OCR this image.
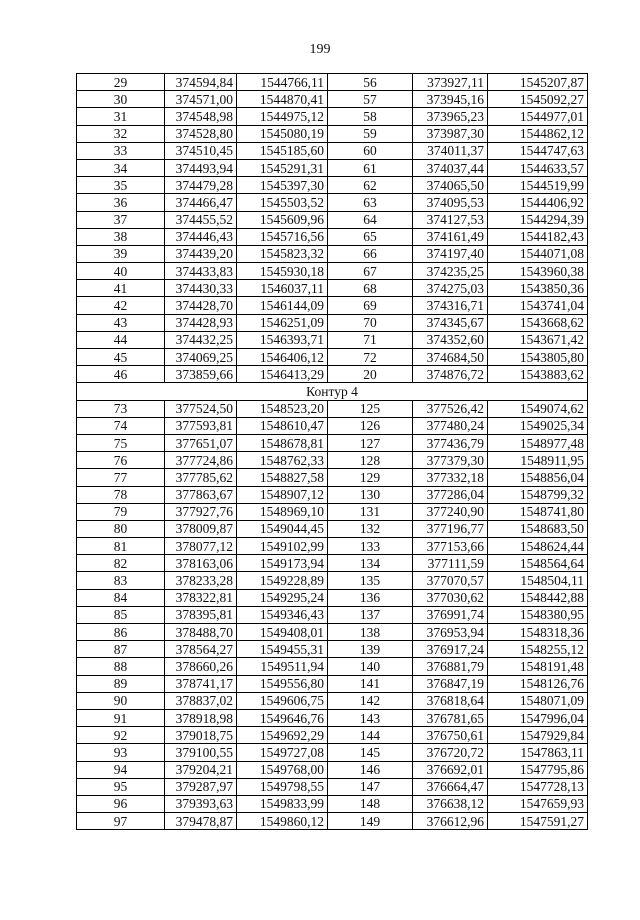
199
29	374594,84	1544766,11	56	373927,11	1545207,87
30	374571,00	1544870,41	57	373945,16	1545092,27
31	374548,98	1544975,12	58	373965,23	1544977,01
32	374528,80	1545080,19	59	373987,30	1544862,12
33	374510,45	1545185,60	60	374011,37	1544747,63
34	374493,94	1545291,31	61	374037,44	1544633,57
35	374479,28	1545397,30	62	374065,50	1544519,99
36	374466,47	1545503,52	63	374095,53	1544406,92
37	374455,52	1545609,96	64	374127,53	1544294,39
38	374446,43	1545716,56	65	374161,49	1544182,43
39	374439,20	1545823,32	66	374197,40	1544071,08
40	374433,83	1545930,18	67	374235,25	1543960,38
41	374430,33	1546037,11	68	374275,03	1543850,36
42	374428,70	1546144,09	69	374316,71	1543741,04
43	374428,93	1546251,09	70	374345,67	1543668,62
44	374432,25	1546393,71	71	374352,60	1543671,42
45	374069,25	1546406,12	72	374684,50	1543805,80
46	373859,66	1546413,29	20	374876,72	1543883,62
Контур 4					
73	377524,50	1548523,20	125	377526,42	1549074,62
74	377593,81	1548610,47	126	377480,24	1549025,34
75	377651,07	1548678,81	127	377436,79	1548977,48
76	377724,86	1548762,33	128	377379,30	1548911,95
77	377785,62	1548827,58	129	377332,18	1548856,04
78	377863,67	1548907,12	130	377286,04	1548799,32
79	377927,76	1548969,10	131	377240,90	1548741,80
80	378009,87	1549044,45	132	377196,77	1548683,50
81	378077,12	1549102,99	133	377153,66	1548624,44
82	378163,06	1549173,94	134	377111,59	1548564,64
83	378233,28	1549228,89	135	377070,57	1548504,11
84	378322,81	1549295,24	136	377030,62	1548442,88
85	378395,81	1549346,43	137	376991,74	1548380,95
86	378488,70	1549408,01	138	376953,94	1548318,36
87	378564,27	1549455,31	139	376917,24	1548255,12
88	378660,26	1549511,94	140	376881,79	1548191,48
89	378741,17	1549556,80	141	376847,19	1548126,76
90	378837,02	1549606,75	142	376818,64	1548071,09
91	378918,98	1549646,76	143	376781,65	1547996,04
92	379018,75	1549692,29	144	376750,61	1547929,84
93	379100,55	1549727,08	145	376720,72	1547863,11
94	379204,21	1549768,00	146	376692,01	1547795,86
95	379287,97	1549798,55	147	376664,47	1547728,13
96	379393,63	1549833,99	148	376638,12	1547659,93
97	379478,87	1549860,12	149	376612,96	1547591,27
